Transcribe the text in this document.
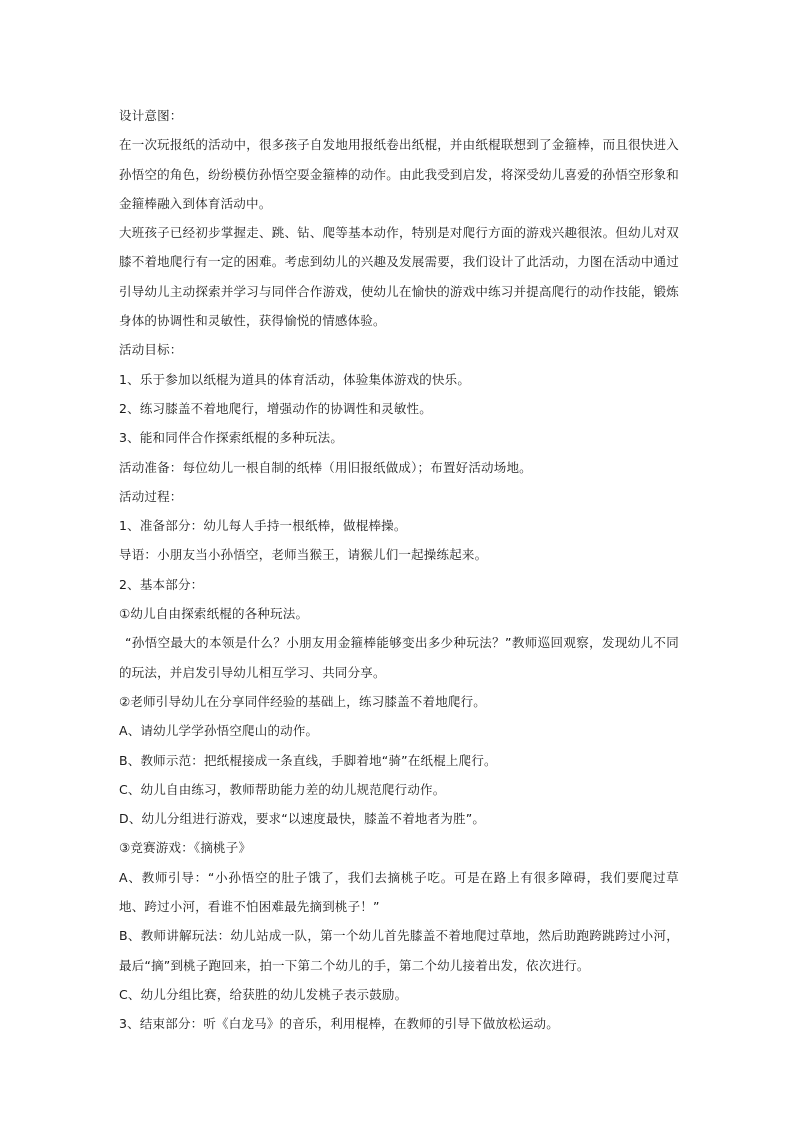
设计意图：

在一次玩报纸的活动中，很多孩子自发地用报纸卷出纸棍，并由纸棍联想到了金箍棒，而且很快进入孙悟空的角色，纷纷模仿孙悟空耍金箍棒的动作。由此我受到启发，将深受幼儿喜爱的孙悟空形象和金箍棒融入到体育活动中。

大班孩子已经初步掌握走、跳、钻、爬等基本动作，特别是对爬行方面的游戏兴趣很浓。但幼儿对双膝不着地爬行有一定的困难。考虑到幼儿的兴趣及发展需要，我们设计了此活动，力图在活动中通过引导幼儿主动探索并学习与同伴合作游戏，使幼儿在愉快的游戏中练习并提高爬行的动作技能，锻炼身体的协调性和灵敏性，获得愉悦的情感体验。

活动目标：

1、乐于参加以纸棍为道具的体育活动，体验集体游戏的快乐。

2、练习膝盖不着地爬行，增强动作的协调性和灵敏性。

3、能和同伴合作探索纸棍的多种玩法。

活动准备：每位幼儿一根自制的纸棒（用旧报纸做成）；布置好活动场地。

活动过程：

1、准备部分：幼儿每人手持一根纸棒，做棍棒操。

导语：小朋友当小孙悟空，老师当猴王，请猴儿们一起操练起来。

2、基本部分：

①幼儿自由探索纸棍的各种玩法。

“孙悟空最大的本领是什么？小朋友用金箍棒能够变出多少种玩法？”教师巡回观察，发现幼儿不同的玩法，并启发引导幼儿相互学习、共同分享。

②老师引导幼儿在分享同伴经验的基础上，练习膝盖不着地爬行。

A、请幼儿学学孙悟空爬山的动作。

B、教师示范：把纸棍接成一条直线，手脚着地“骑”在纸棍上爬行。

C、幼儿自由练习，教师帮助能力差的幼儿规范爬行动作。

D、幼儿分组进行游戏，要求“以速度最快，膝盖不着地者为胜”。

③竞赛游戏：《摘桃子》

A、教师引导：“小孙悟空的肚子饿了，我们去摘桃子吃。可是在路上有很多障碍，我们要爬过草地、跨过小河，看谁不怕困难最先摘到桃子！”

B、教师讲解玩法：幼儿站成一队，第一个幼儿首先膝盖不着地爬过草地，然后助跑跨跳跨过小河，最后“摘”到桃子跑回来，拍一下第二个幼儿的手，第二个幼儿接着出发，依次进行。

C、幼儿分组比赛，给获胜的幼儿发桃子表示鼓励。

3、结束部分：听《白龙马》的音乐，利用棍棒，在教师的引导下做放松运动。
